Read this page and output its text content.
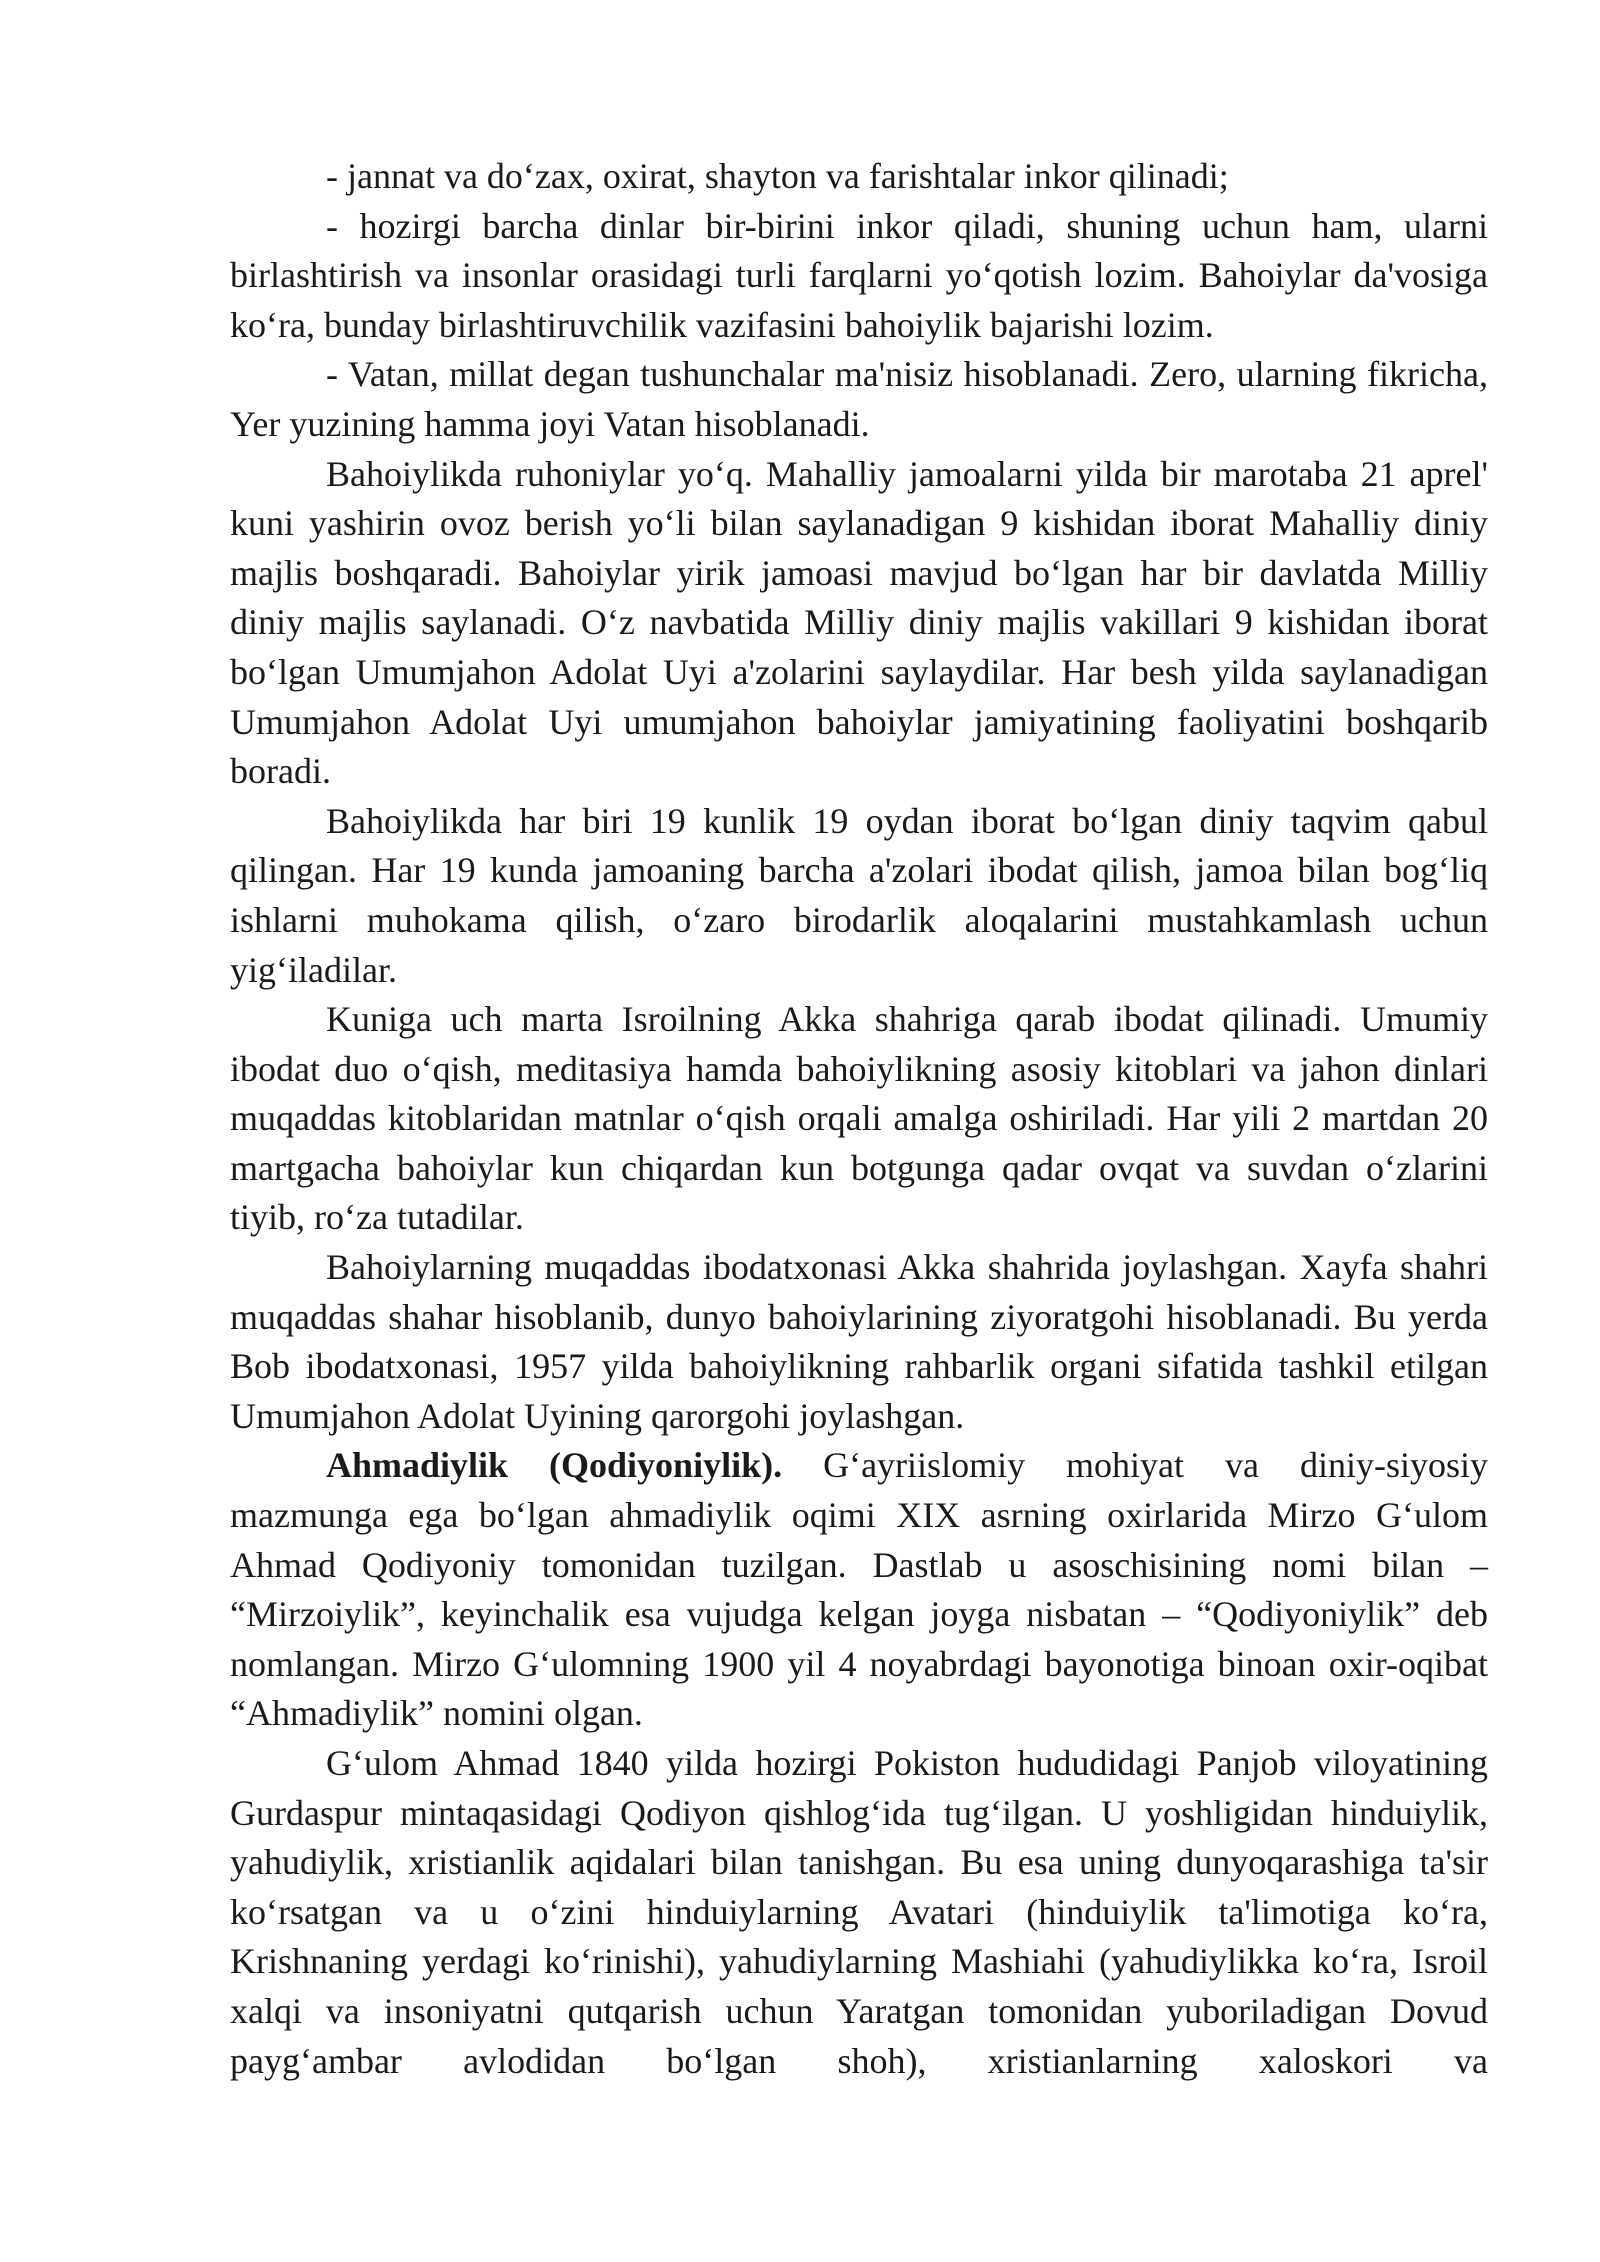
- jannat va do‘zax, oxirat, shayton va farishtalar inkor qilinadi;

- hozirgi barcha dinlar bir-birini inkor qiladi, shuning uchun ham, ularni birlashtirish va insonlar orasidagi turli farqlarni yo‘qotish lozim. Bahoiylar da'vosiga ko‘ra, bunday birlashtiruvchilik vazifasini bahoiylik bajarishi lozim.

- Vatan, millat degan tushunchalar ma'nisiz hisoblanadi. Zero, ularning fikricha, Yer yuzining hamma joyi Vatan hisoblanadi.

Bahoiylikda ruhoniylar yo‘q. Mahalliy jamoalarni yilda bir marotaba 21 aprel' kuni yashirin ovoz berish yo‘li bilan saylanadigan 9 kishidan iborat Mahalliy diniy majlis boshqaradi. Bahoiylar yirik jamoasi mavjud bo‘lgan har bir davlatda Milliy diniy majlis saylanadi. O‘z navbatida Milliy diniy majlis vakillari 9 kishidan iborat bo‘lgan Umumjahon Adolat Uyi a'zolarini saylaydilar. Har besh yilda saylanadigan Umumjahon Adolat Uyi umumjahon bahoiylar jamiyatining faoliyatini boshqarib boradi.

Bahoiylikda har biri 19 kunlik 19 oydan iborat bo‘lgan diniy taqvim qabul qilingan. Har 19 kunda jamoaning barcha a'zolari ibodat qilish, jamoa bilan bog‘liq ishlarni muhokama qilish, o‘zaro birodarlik aloqalarini mustahkamlash uchun yig‘iladilar.

Kuniga uch marta Isroilning Akka shahriga qarab ibodat qilinadi. Umumiy ibodat duo o‘qish, meditasiya hamda bahoiylikning asosiy kitoblari va jahon dinlari muqaddas kitoblaridan matnlar o‘qish orqali amalga oshiriladi. Har yili 2 martdan 20 martgacha bahoiylar kun chiqardan kun botgunga qadar ovqat va suvdan o‘zlarini tiyib, ro‘za tutadilar.

Bahoiylarning muqaddas ibodatxonasi Akka shahrida joylashgan. Xayfa shahri muqaddas shahar hisoblanib, dunyo bahoiylarining ziyoratgohi hisoblanadi. Bu yerda Bob ibodatxonasi, 1957 yilda bahoiylikning rahbarlik organi sifatida tashkil etilgan Umumjahon Adolat Uyining qarorgohi joylashgan.

Ahmadiylik (Qodiyoniylik). G‘ayriislomiy mohiyat va diniy-siyosiy mazmunga ega bo‘lgan ahmadiylik oqimi XIX asrning oxirlarida Mirzo G‘ulom Ahmad Qodiyoniy tomonidan tuzilgan. Dastlab u asoschisining nomi bilan – “Mirzoiylik”, keyinchalik esa vujudga kelgan joyga nisbatan – “Qodiyoniylik” deb nomlangan. Mirzo G‘ulomning 1900 yil 4 noyabrdagi bayonotiga binoan oxir-oqibat “Ahmadiylik” nomini olgan.

G‘ulom Ahmad 1840 yilda hozirgi Pokiston hududidagi Panjob viloyatining Gurdaspur mintaqasidagi Qodiyon qishlog‘ida tug‘ilgan. U yoshligidan hinduiylik, yahudiylik, xristianlik aqidalari bilan tanishgan. Bu esa uning dunyoqarashiga ta'sir ko‘rsatgan va u o‘zini hinduiylarning Avatari (hinduiylik ta'limotiga ko‘ra, Krishnaning yerdagi ko‘rinishi), yahudiylarning Mashiahi (yahudiylikka ko‘ra, Isroil xalqi va insoniyatni qutqarish uchun Yaratgan tomonidan yuboriladigan Dovud payg‘ambar avlodidan bo‘lgan shoh), xristianlarning xaloskori va
